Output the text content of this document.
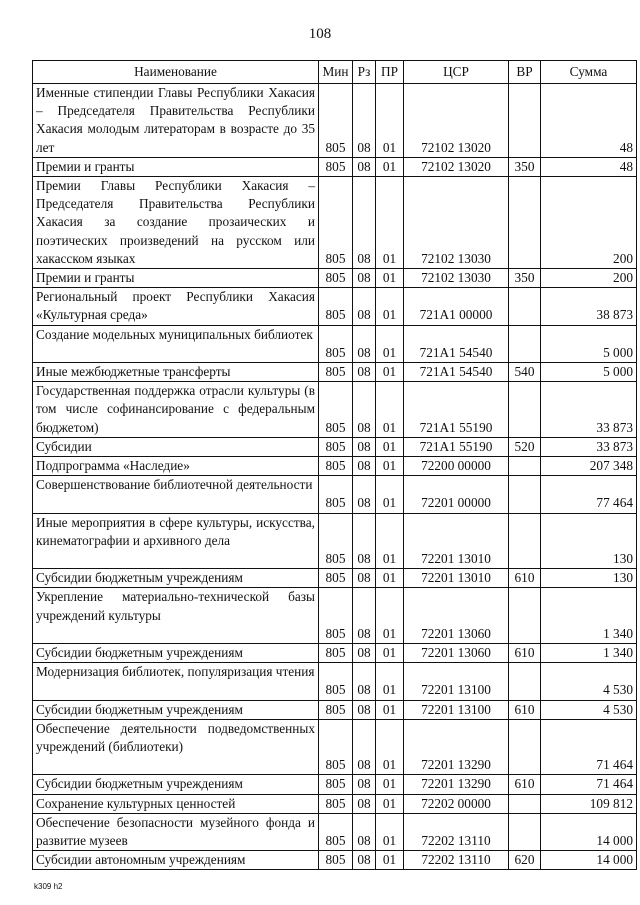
108
Наименование	Мин	Рз	ПР	ЦСР	ВР	Сумма
Именные стипендии Главы Республики Хакасия – Председателя Правительства Республики Хакасия молодым литераторам в возрасте до 35 лет	805	08	01	72102 13020		48
Премии и гранты	805	08	01	72102 13020	350	48
Премии Главы Республики Хакасия – Председателя Правительства Республики Хакасия за создание прозаических и поэтических произведений на русском или хакасском языках	805	08	01	72102 13030		200
Премии и гранты	805	08	01	72102 13030	350	200
Региональный проект Республики Хакасия «Культурная среда»	805	08	01	721A1 00000		38 873
Создание модельных муниципальных библиотек	805	08	01	721A1 54540		5 000
Иные межбюджетные трансферты	805	08	01	721A1 54540	540	5 000
Государственная поддержка отрасли культуры (в том числе софинансирование с федеральным бюджетом)	805	08	01	721A1 55190		33 873
Субсидии	805	08	01	721A1 55190	520	33 873
Подпрограмма «Наследие»	805	08	01	72200 00000		207 348
Совершенствование библиотечной деятельности	805	08	01	72201 00000		77 464
Иные мероприятия в сфере культуры, искусства, кинематографии и архивного дела	805	08	01	72201 13010		130
Субсидии бюджетным учреждениям	805	08	01	72201 13010	610	130
Укрепление материально-технической базы учреждений культуры	805	08	01	72201 13060		1 340
Субсидии бюджетным учреждениям	805	08	01	72201 13060	610	1 340
Модернизация библиотек, популяризация чтения	805	08	01	72201 13100		4 530
Субсидии бюджетным учреждениям	805	08	01	72201 13100	610	4 530
Обеспечение деятельности подведомственных учреждений (библиотеки)	805	08	01	72201 13290		71 464
Субсидии бюджетным учреждениям	805	08	01	72201 13290	610	71 464
Сохранение культурных ценностей	805	08	01	72202 00000		109 812
Обеспечение безопасности музейного фонда и развитие музеев	805	08	01	72202 13110		14 000
Субсидии автономным учреждениям	805	08	01	72202 13110	620	14 000
k309 h2
